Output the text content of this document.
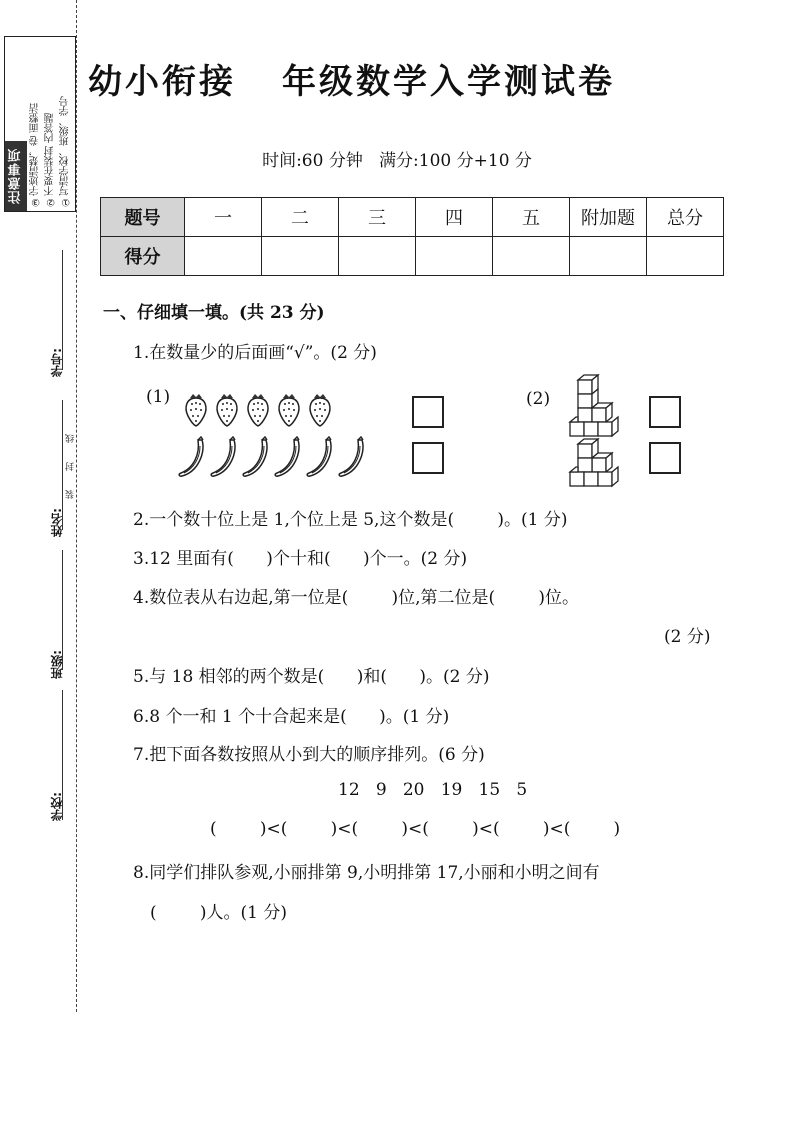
①写清学校、班级、学号
②不要在装封 内答题
③字迹清楚，卷 面整洁
注意事项
学号:
线
封
装
姓名:
班级:
学校:
幼小衔接 年级数学入学测试卷
时间:60 分钟   满分:100 分+10 分
题号	一	二	三	四	五	附加题	总分
得分							
一、仔细填一填。(共 23 分)
1.在数量少的后面画“√”。(2 分)
(1)	(2)
2.一个数十位上是 1,个位上是 5,这个数是(        )。(1 分)
3.12 里面有(      )个十和(      )个一。(2 分)
4.数位表从右边起,第一位是(        )位,第二位是(        )位。
(2 分)
5.与 18 相邻的两个数是(      )和(      )。(2 分)
6.8 个一和 1 个十合起来是(      )。(1 分)
7.把下面各数按照从小到大的顺序排列。(6 分)
12   9   20   19   15   5
(        )<(        )<(        )<(        )<(        )<(        )
8.同学们排队参观,小丽排第 9,小明排第 17,小丽和小明之间有
(        )人。(1 分)
